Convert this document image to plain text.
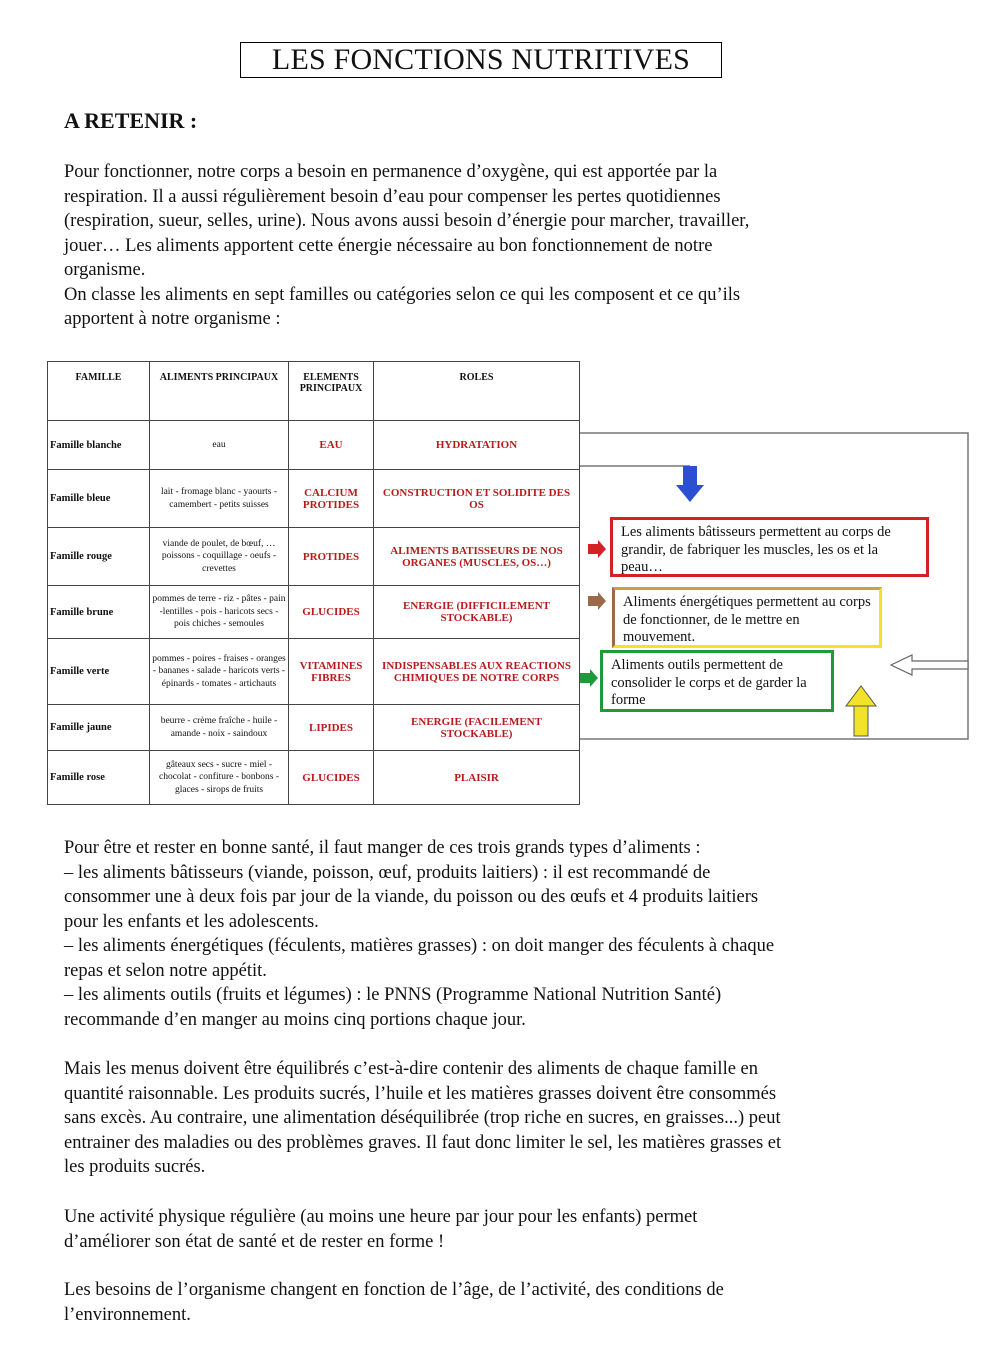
LES FONCTIONS NUTRITIVES
A RETENIR :

Pour fonctionner, notre corps a besoin en permanence d’oxygène, qui est apportée par la
respiration. Il a aussi régulièrement besoin d’eau pour compenser les pertes quotidiennes
(respiration, sueur, selles, urine). Nous avons aussi besoin d’énergie pour marcher, travailler,
jouer… Les aliments apportent cette énergie nécessaire au bon fonctionnement de notre
organisme.
On classe les aliments en sept familles ou catégories selon ce qui les composent et ce qu’ils
apportent à notre organisme :

FAMILLE	ALIMENTS PRINCIPAUX	ELEMENTS PRINCIPAUX	ROLES
Famille blanche	eau	EAU	HYDRATATION
Famille bleue	lait - fromage blanc - yaourts - camembert - petits suisses	CALCIUM PROTIDES	CONSTRUCTION ET SOLIDITE DES OS
Famille rouge	viande de poulet, de bœuf, …poissons - coquillage - oeufs - crevettes	PROTIDES	ALIMENTS BATISSEURS DE NOS ORGANES (MUSCLES, OS…)
Famille brune	pommes de terre - riz - pâtes - pain -lentilles - pois - haricots secs - pois chiches - semoules	GLUCIDES	ENERGIE (DIFFICILEMENT STOCKABLE)
Famille verte	pommes - poires - fraises - oranges - bananes - salade - haricots verts - épinards - tomates - artichauts	VITAMINES FIBRES	INDISPENSABLES AUX REACTIONS CHIMIQUES DE NOTRE CORPS
Famille jaune	beurre - crème fraîche - huile - amande - noix - saindoux	LIPIDES	ENERGIE (FACILEMENT STOCKABLE)
Famille rose	gâteaux secs - sucre - miel - chocolat - confiture - bonbons - glaces - sirops de fruits	GLUCIDES	PLAISIR
Les aliments bâtisseurs permettent au corps de grandir, de fabriquer les muscles, les os et la peau…
Aliments énergétiques permettent au corps de fonctionner, de le mettre en mouvement.
Aliments outils permettent de consolider le corps et de garder la forme

Pour être et rester en bonne santé, il faut manger de ces trois grands types d’aliments :
– les aliments bâtisseurs (viande, poisson, œuf, produits laitiers) : il est recommandé de
consommer une à deux fois par jour de la viande, du poisson ou des œufs et 4 produits laitiers
pour les enfants et les adolescents.
– les aliments énergétiques (féculents, matières grasses) : on doit manger des féculents à chaque
repas et selon notre appétit.
– les aliments outils (fruits et légumes) : le PNNS (Programme National Nutrition Santé)
recommande d’en manger au moins cinq portions chaque jour.

Mais les menus doivent être équilibrés c’est-à-dire contenir des aliments de chaque famille en
quantité raisonnable. Les produits sucrés, l’huile et les matières grasses doivent être consommés
sans excès. Au contraire, une alimentation déséquilibrée (trop riche en sucres, en graisses...) peut
entrainer des maladies ou des problèmes graves. Il faut donc limiter le sel, les matières grasses et
les produits sucrés.

Une activité physique régulière (au moins une heure par jour pour les enfants) permet
d’améliorer son état de santé et de rester en forme !

Les besoins de l’organisme changent en fonction de l’âge, de l’activité, des conditions de
l’environnement.
